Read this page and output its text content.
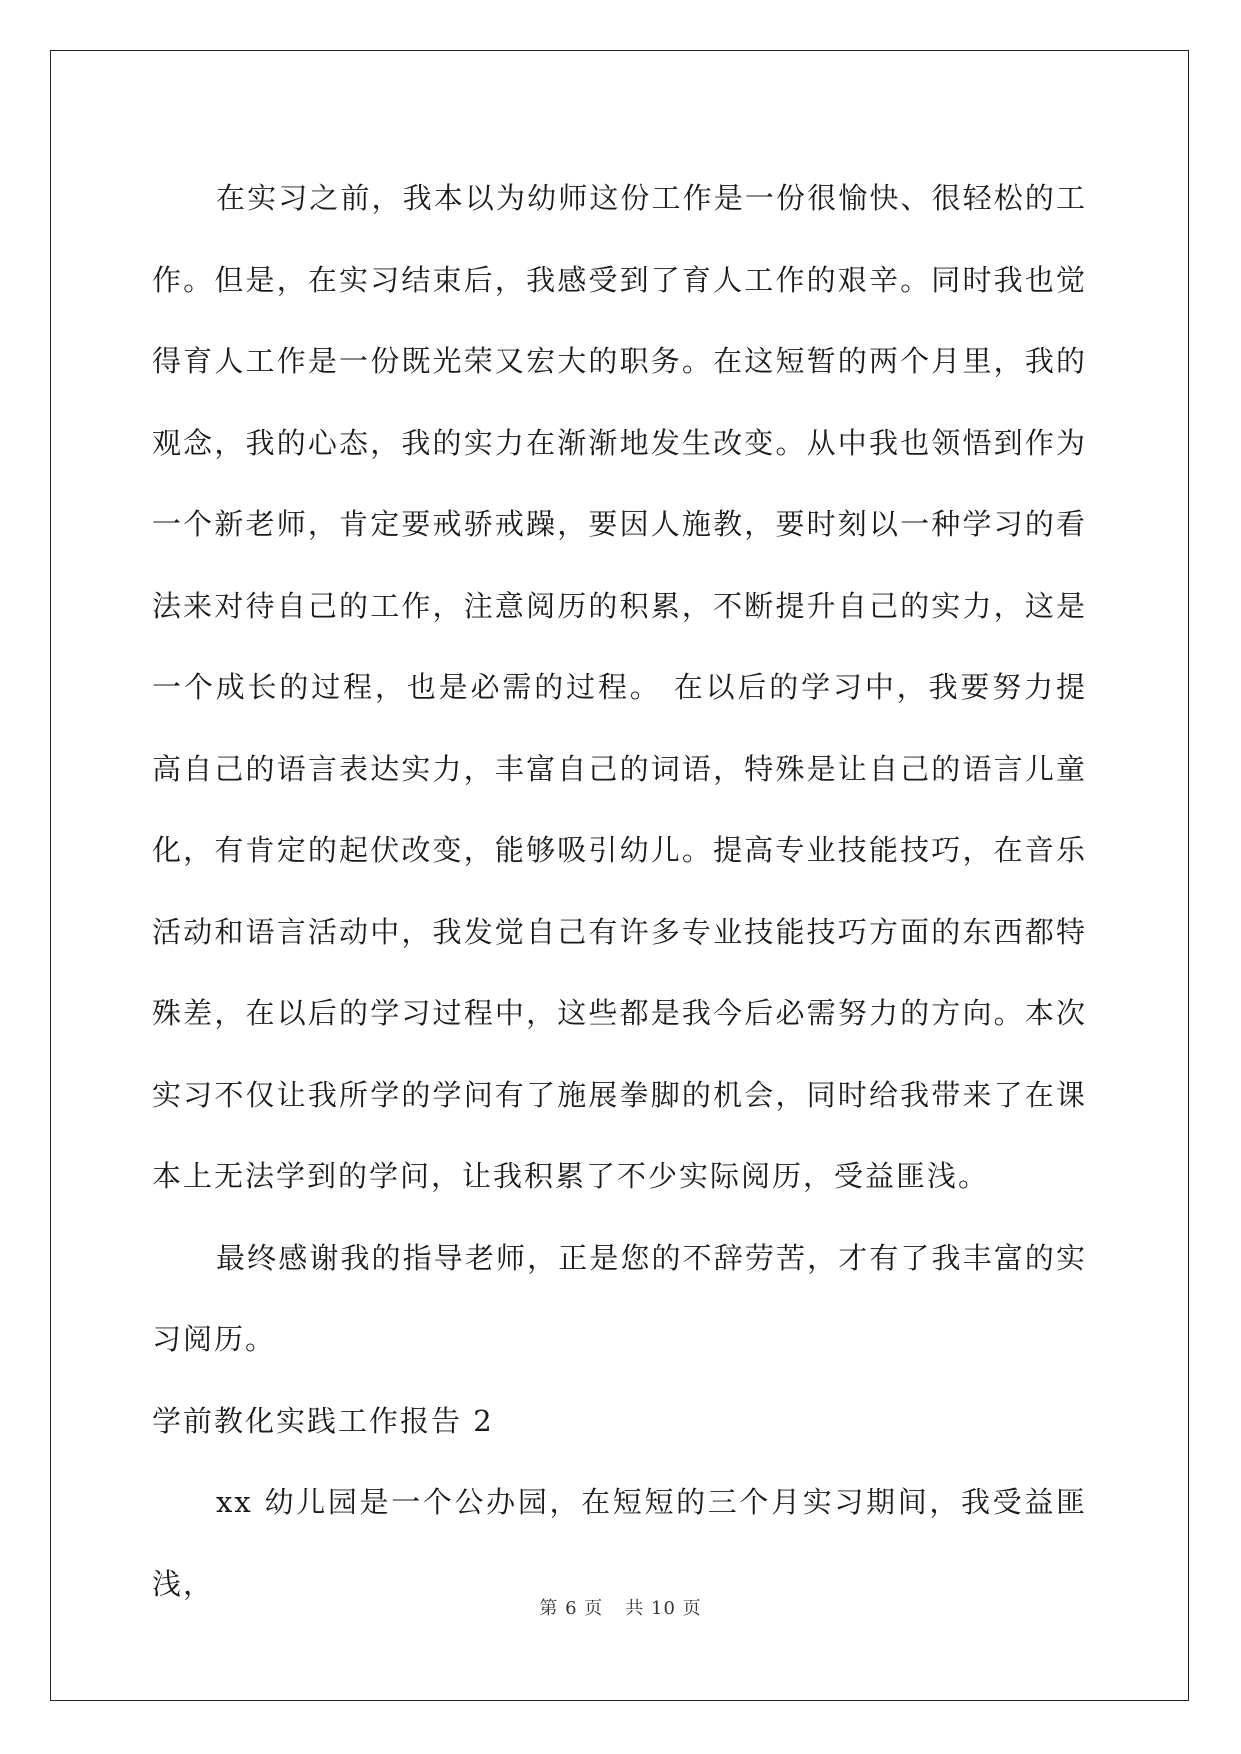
在实习之前，我本以为幼师这份工作是一份很愉快、很轻松的工作。但是，在实习结束后，我感受到了育人工作的艰辛。同时我也觉得育人工作是一份既光荣又宏大的职务。在这短暂的两个月里，我的观念，我的心态，我的实力在渐渐地发生改变。从中我也领悟到作为一个新老师，肯定要戒骄戒躁，要因人施教，要时刻以一种学习的看法来对待自己的工作，注意阅历的积累，不断提升自己的实力，这是一个成长的过程，也是必需的过程。 在以后的学习中，我要努力提高自己的语言表达实力，丰富自己的词语，特殊是让自己的语言儿童化，有肯定的起伏改变，能够吸引幼儿。提高专业技能技巧，在音乐活动和语言活动中，我发觉自己有许多专业技能技巧方面的东西都特殊差，在以后的学习过程中，这些都是我今后必需努力的方向。本次实习不仅让我所学的学问有了施展拳脚的机会，同时给我带来了在课本上无法学到的学问，让我积累了不少实际阅历，受益匪浅。

最终感谢我的指导老师，正是您的不辞劳苦，才有了我丰富的实习阅历。

学前教化实践工作报告 2

xx 幼儿园是一个公办园，在短短的三个月实习期间，我受益匪浅，

第 6 页 共 10 页
